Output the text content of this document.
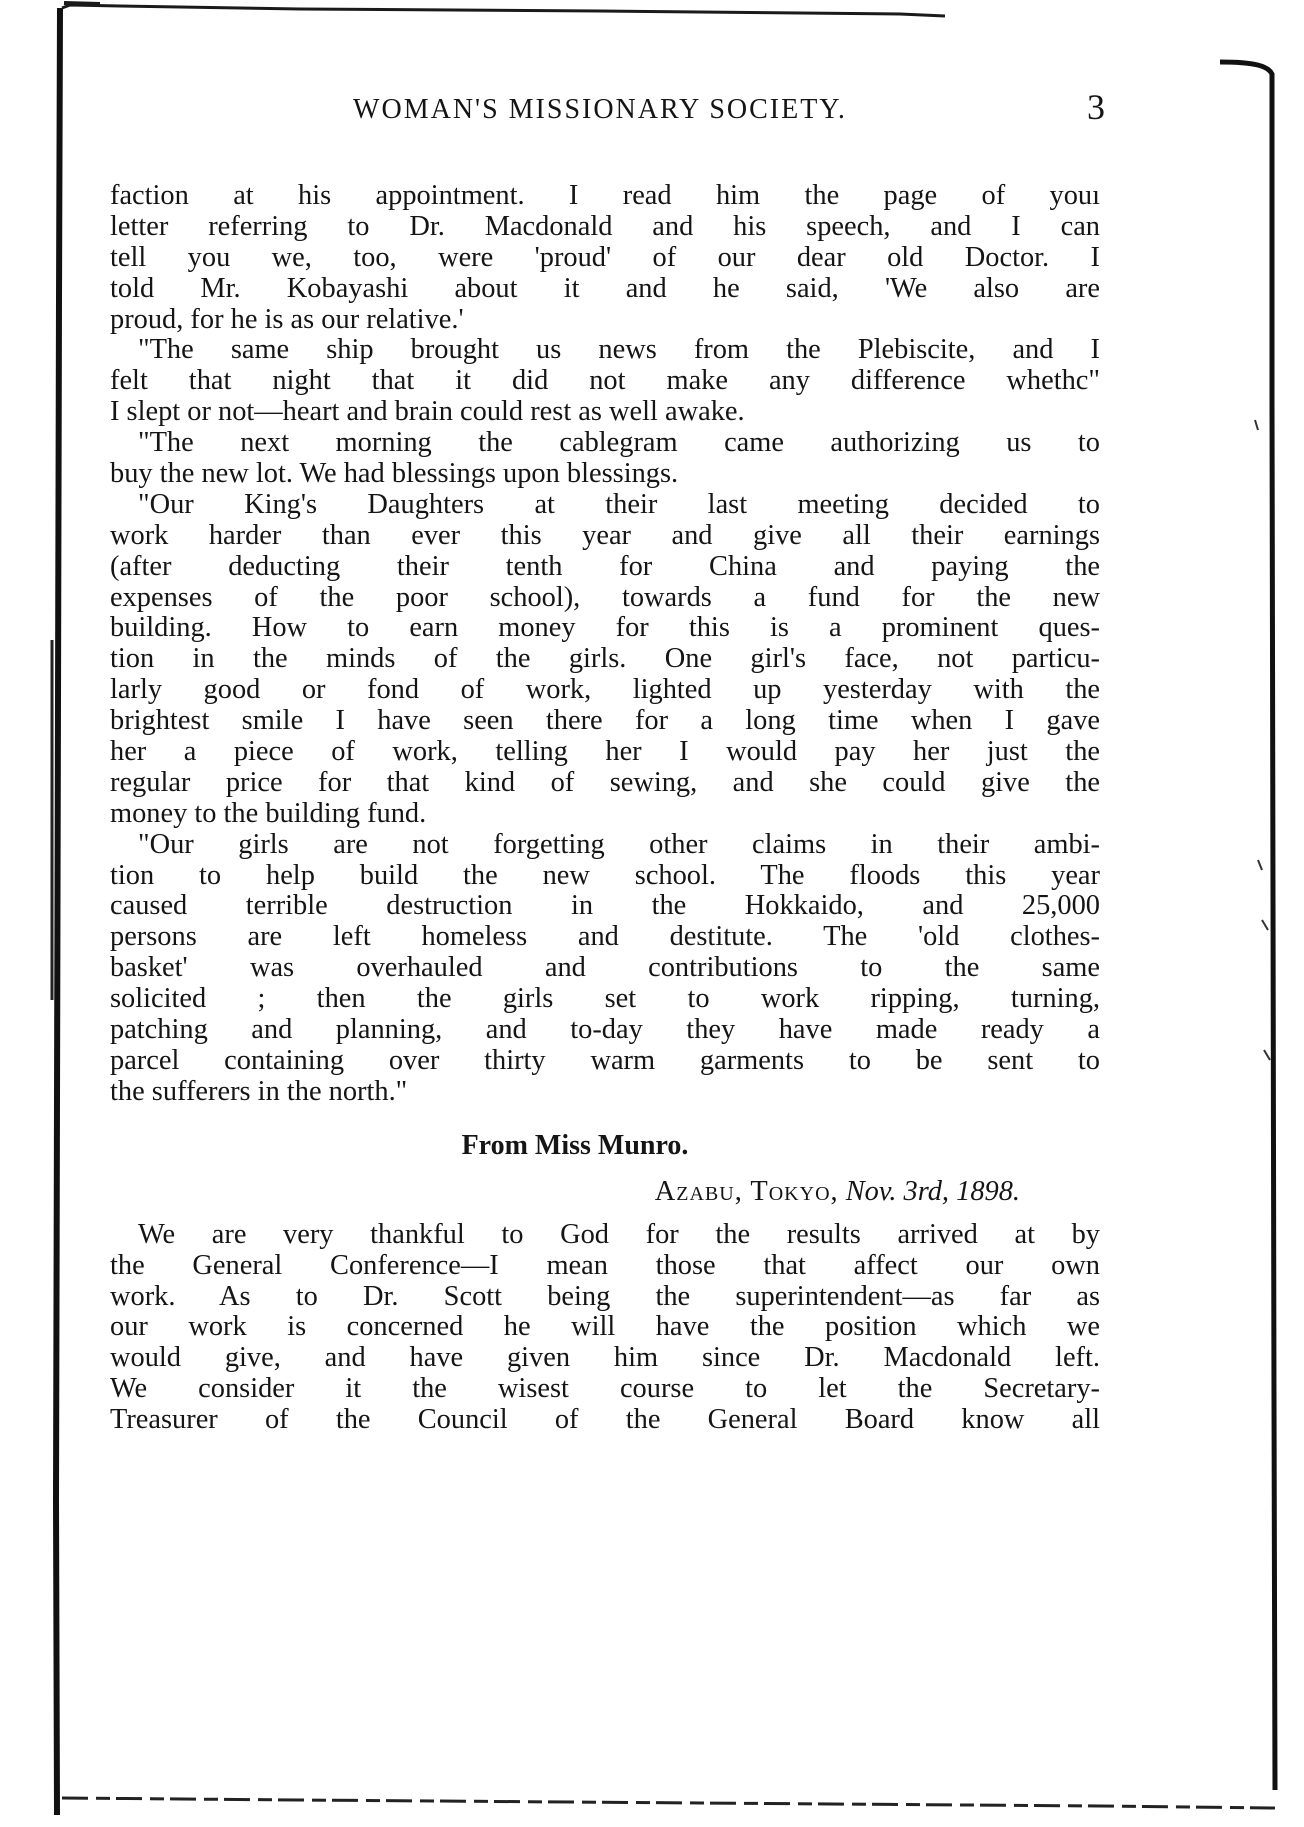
WOMAN'S MISSIONARY SOCIETY.	3
faction at his appointment. I read him the page of youı
letter referring to Dr. Macdonald and his speech, and I can
tell you we, too, were 'proud' of our dear old Doctor. I
told Mr. Kobayashi about it and he said, 'We also are
proud, for he is as our relative.'
"The same ship brought us news from the Plebiscite, and I
felt that night that it did not make any difference whethc"
I slept or not—heart and brain could rest as well awake.
"The next morning the cablegram came authorizing us to
buy the new lot. We had blessings upon blessings.
"Our King's Daughters at their last meeting decided to
work harder than ever this year and give all their earnings
(after deducting their tenth for China and paying the
expenses of the poor school), towards a fund for the new
building. How to earn money for this is a prominent ques-
tion in the minds of the girls. One girl's face, not particu-
larly good or fond of work, lighted up yesterday with the
brightest smile I have seen there for a long time when I gave
her a piece of work, telling her I would pay her just the
regular price for that kind of sewing, and she could give the
money to the building fund.
"Our girls are not forgetting other claims in their ambi-
tion to help build the new school. The floods this year
caused terrible destruction in the Hokkaido, and 25,000
persons are left homeless and destitute. The 'old clothes-
basket' was overhauled and contributions to the same
solicited ; then the girls set to work ripping, turning,
patching and planning, and to-day they have made ready a
parcel containing over thirty warm garments to be sent to
the sufferers in the north."
From Miss Munro.
Azabu, Tokyo, Nov. 3rd, 1898.
We are very thankful to God for the results arrived at by
the General Conference—I mean those that affect our own
work. As to Dr. Scott being the superintendent—as far as
our work is concerned he will have the position which we
would give, and have given him since Dr. Macdonald left.
We consider it the wisest course to let the Secretary-
Treasurer of the Council of the General Board know all
